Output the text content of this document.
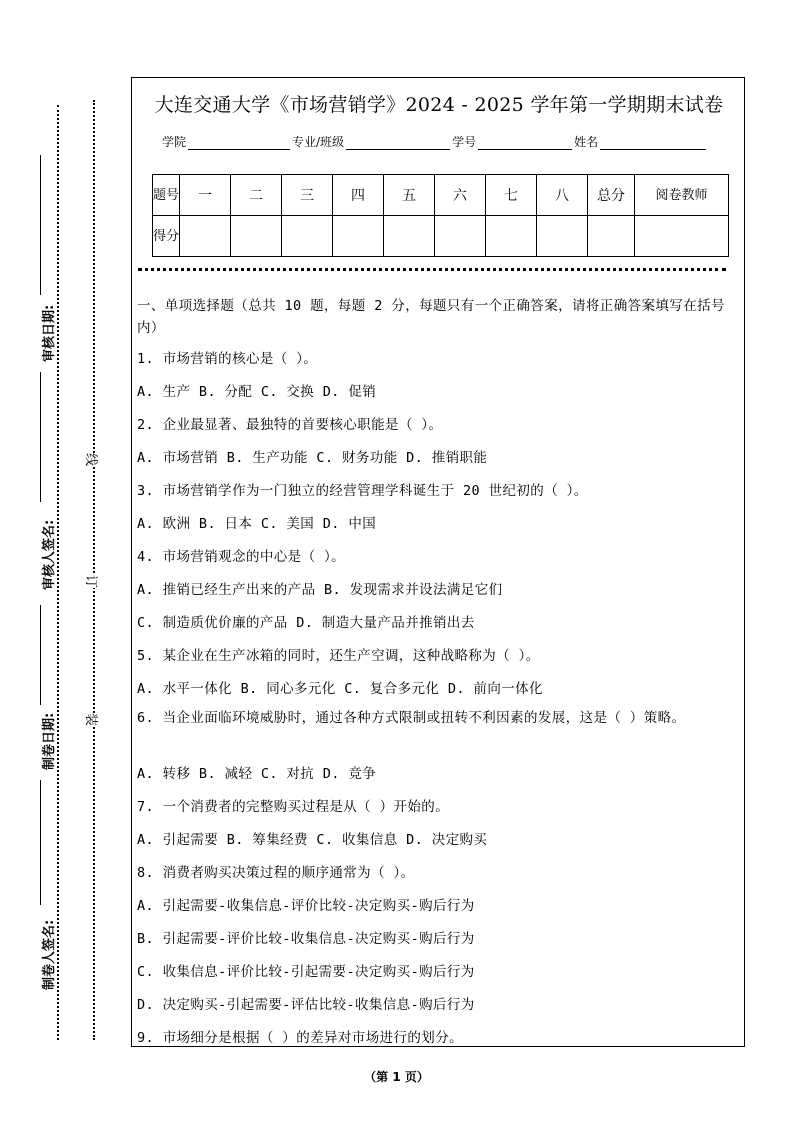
审核日期:
审核人签名:
制卷日期:
制卷人签名:
线
订
装
大连交通大学《市场营销学》2024 - 2025 学年第一学期期末试卷
学院	专业/班级	学号	姓名
题号	一	二	三	四	五	六	七	八	总分	阅卷教师
得分										

一、单项选择题（总共 10 题，每题 2 分，每题只有一个正确答案，请将正确答案填写在括号内）

1. 市场营销的核心是（ ）。

A. 生产 B. 分配 C. 交换 D. 促销

2. 企业最显著、最独特的首要核心职能是（ ）。

A. 市场营销 B. 生产功能 C. 财务功能 D. 推销职能

3. 市场营销学作为一门独立的经营管理学科诞生于 20 世纪初的（ ）。

A. 欧洲 B. 日本 C. 美国 D. 中国

4. 市场营销观念的中心是（ ）。

A. 推销已经生产出来的产品 B. 发现需求并设法满足它们

C. 制造质优价廉的产品 D. 制造大量产品并推销出去

5. 某企业在生产冰箱的同时，还生产空调，这种战略称为（ ）。

A. 水平一体化 B. 同心多元化 C. 复合多元化 D. 前向一体化

6. 当企业面临环境威胁时，通过各种方式限制或扭转不利因素的发展，这是（ ）策略。

A. 转移 B. 减轻 C. 对抗 D. 竞争

7. 一个消费者的完整购买过程是从（ ）开始的。

A. 引起需要 B. 筹集经费 C. 收集信息 D. 决定购买

8. 消费者购买决策过程的顺序通常为（ ）。

A. 引起需要-收集信息-评价比较-决定购买-购后行为

B. 引起需要-评价比较-收集信息-决定购买-购后行为

C. 收集信息-评价比较-引起需要-决定购买-购后行为

D. 决定购买-引起需要-评估比较-收集信息-购后行为

9. 市场细分是根据（ ）的差异对市场进行的划分。

（第 1 页）
